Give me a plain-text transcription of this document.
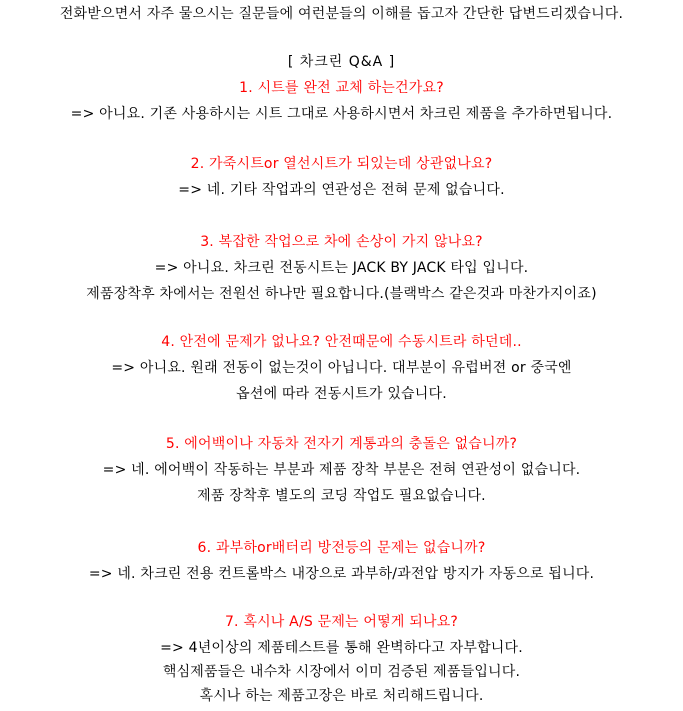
전화받으면서 자주 물으시는 질문들에 여런분들의 이해를 돕고자 간단한 답변드리겠습니다.
[ 차크린 Q&A ]
1. 시트를 완전 교체 하는건가요?
=> 아니요. 기존 사용하시는 시트 그대로 사용하시면서 차크린 제품을 추가하면됩니다.
2. 가죽시트or 열선시트가 되있는데 상관없나요?
=> 네. 기타 작업과의 연관성은 전혀 문제 없습니다.
3. 복잡한 작업으로 차에 손상이 가지 않나요?
=> 아니요. 차크린 전동시트는 JACK BY JACK 타입 입니다.
제품장착후 차에서는 전원선 하나만 필요합니다.(블랙박스 같은것과 마찬가지이죠)
4. 안전에 문제가 없나요? 안전때문에 수동시트라 하던데..
=> 아니요. 원래 전동이 없는것이 아닙니다. 대부분이 유럽버젼 or 중국엔
옵션에 따라 전동시트가 있습니다.
5. 에어백이나 자동차 전자기 계통과의 충돌은 없습니까?
=> 네. 에어백이 작동하는 부분과 제품 장착 부분은 전혀 연관성이 없습니다.
제품 장착후 별도의 코딩 작업도 필요없습니다.
6. 과부하or배터리 방전등의 문제는 없습니까?
=> 네. 차크린 전용 컨트롤박스 내장으로 과부하/과전압 방지가 자동으로 됩니다.
7. 혹시나 A/S 문제는 어떻게 되나요?
=> 4년이상의 제품테스트를 통해 완벽하다고 자부합니다.
핵심제품들은 내수차 시장에서 이미 검증된 제품들입니다.
혹시나 하는 제품고장은 바로 처리해드립니다.
